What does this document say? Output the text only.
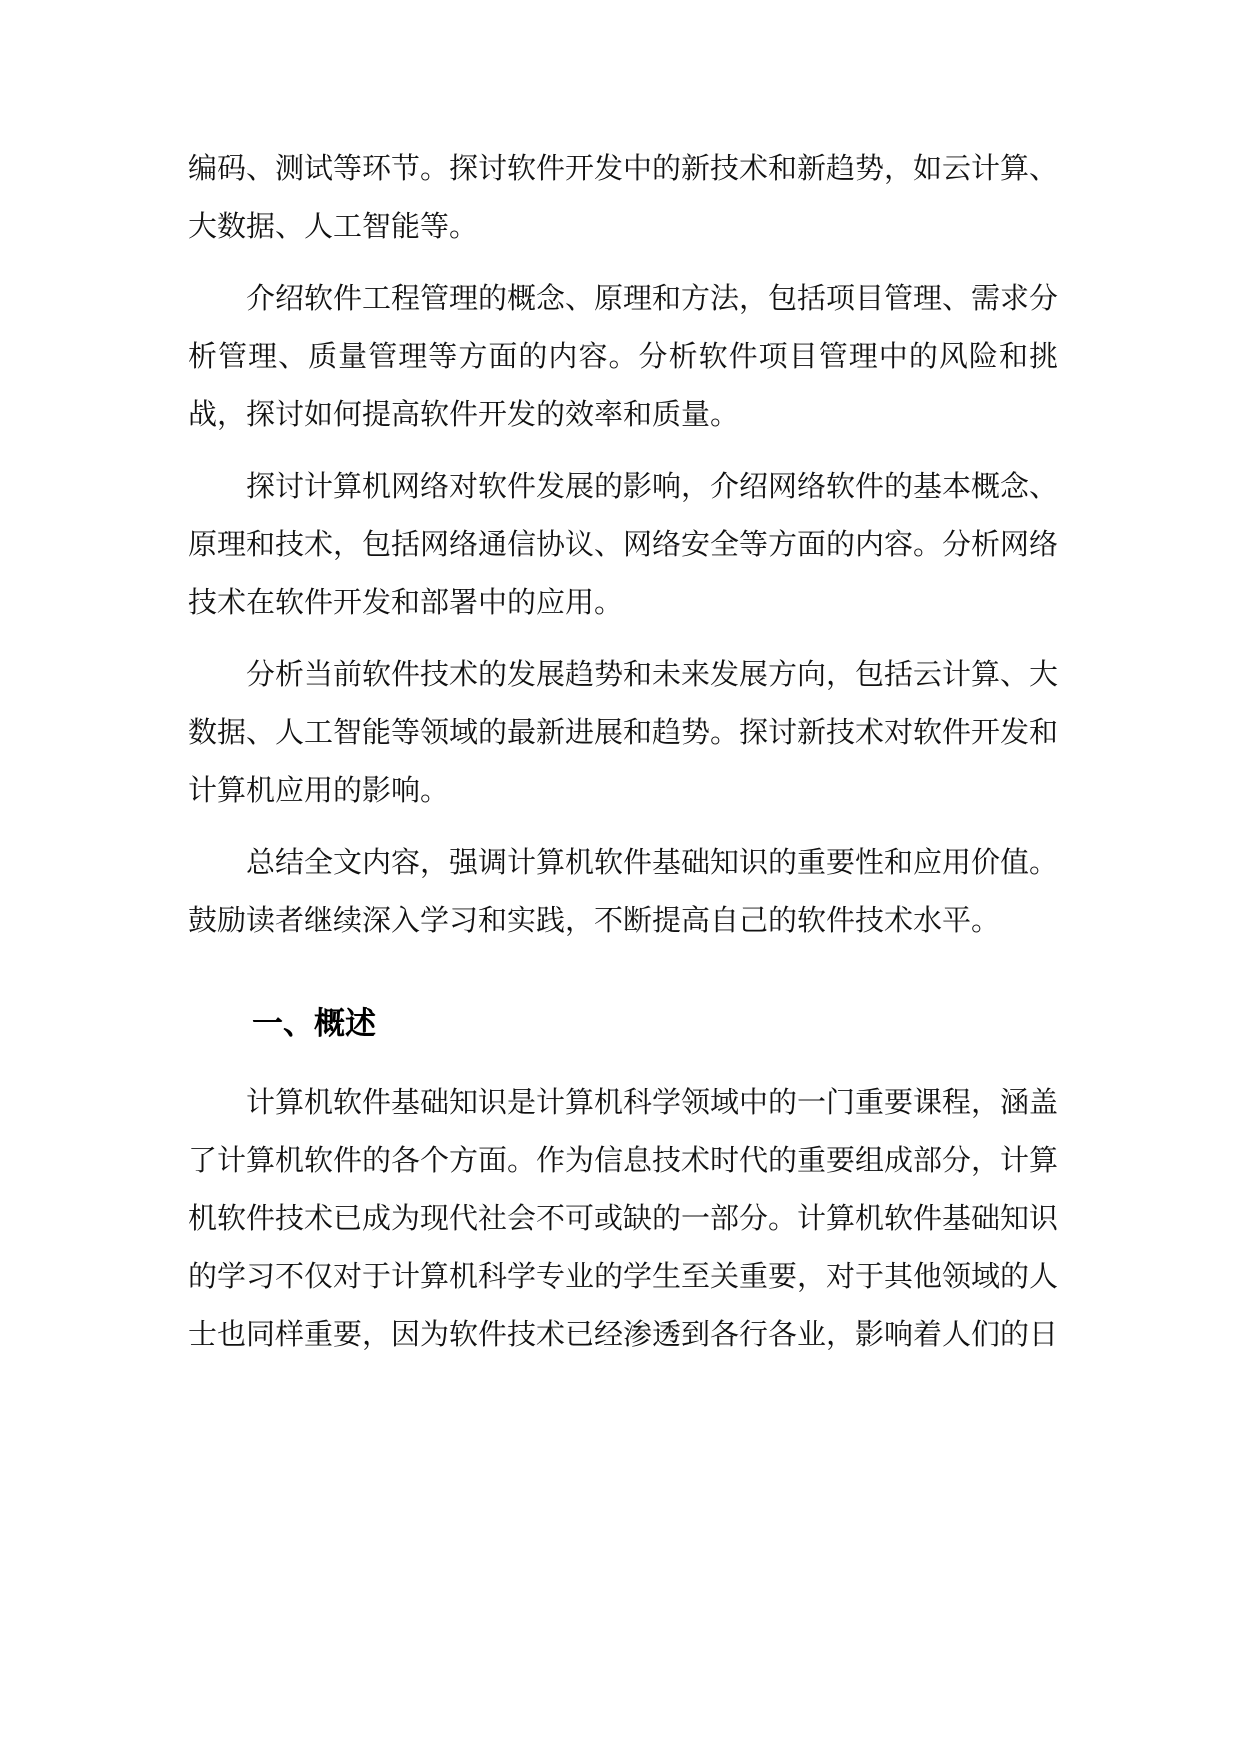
编码、测试等环节。探讨软件开发中的新技术和新趋势，如云计算、大数据、人工智能等。

介绍软件工程管理的概念、原理和方法，包括项目管理、需求分析管理、质量管理等方面的内容。分析软件项目管理中的风险和挑战，探讨如何提高软件开发的效率和质量。

探讨计算机网络对软件发展的影响，介绍网络软件的基本概念、原理和技术，包括网络通信协议、网络安全等方面的内容。分析网络技术在软件开发和部署中的应用。

分析当前软件技术的发展趋势和未来发展方向，包括云计算、大数据、人工智能等领域的最新进展和趋势。探讨新技术对软件开发和计算机应用的影响。

总结全文内容，强调计算机软件基础知识的重要性和应用价值。鼓励读者继续深入学习和实践，不断提高自己的软件技术水平。

一、概述

计算机软件基础知识是计算机科学领域中的一门重要课程，涵盖了计算机软件的各个方面。作为信息技术时代的重要组成部分，计算机软件技术已成为现代社会不可或缺的一部分。计算机软件基础知识的学习不仅对于计算机科学专业的学生至关重要，对于其他领域的人士也同样重要，因为软件技术已经渗透到各行各业，影响着人们的日
